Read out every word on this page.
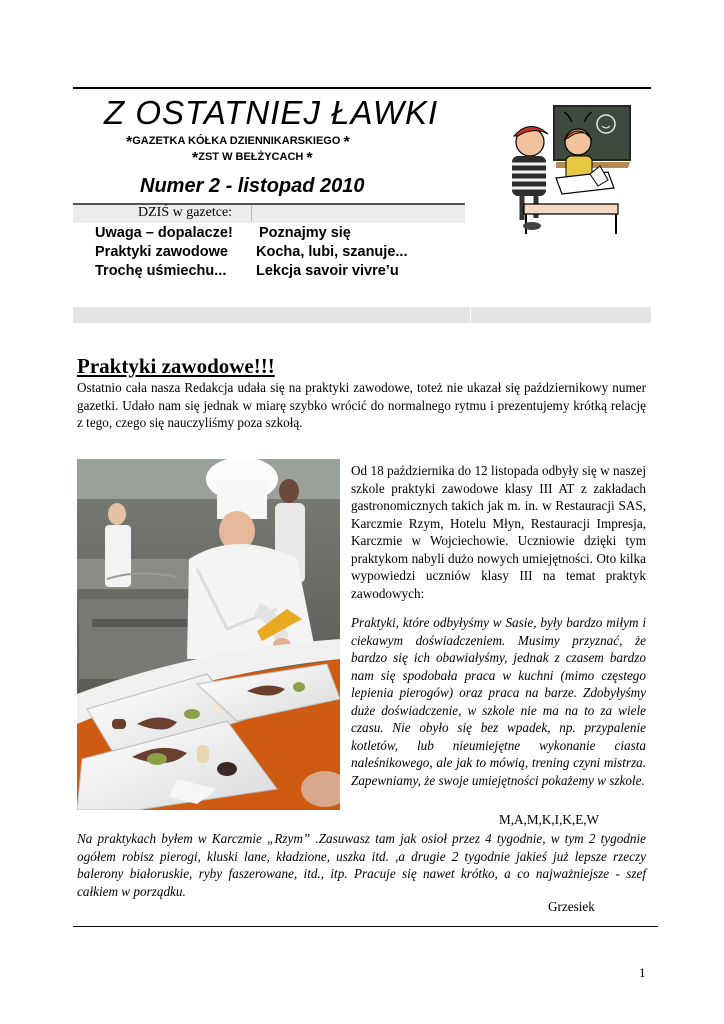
Z OSTATNIEJ ŁAWKI
*GAZETKA KÓŁKA DZIENNIKARSKIEGO *
*ZST W BEŁŻYCACH *
Numer 2 - listopad 2010
DZIŚ w gazetce:
Uwaga – dopalacze!
Praktyki zawodowe
Trochę uśmiechu...
Poznajmy się
Kocha, lubi, szanuje...
Lekcja savoir vivre’u
Praktyki zawodowe!!!

Ostatnio cała nasza Redakcja udała się na praktyki zawodowe, toteż nie ukazał się październikowy numer gazetki. Udało nam się jednak w miarę szybko wrócić do normalnego rytmu i prezentujemy krótką relację z tego, czego się nauczyliśmy poza szkołą.

Od 18 października do 12 listopada odbyły się w naszej szkole praktyki zawodowe klasy III AT z zakładach gastronomicznych takich jak m. in. w Restauracji SAS, Karczmie Rzym, Hotelu Młyn, Restauracji Impresja, Karczmie w Wojciechowie. Uczniowie dzięki tym praktykom nabyli dużo nowych umiejętności. Oto kilka wypowiedzi uczniów klasy III na temat praktyk zawodowych:

Praktyki, które odbyłyśmy w Sasie, były bardzo miłym i ciekawym doświadczeniem. Musimy przyznać, że bardzo się ich obawiałyśmy, jednak z czasem bardzo nam się spodobała praca w kuchni (mimo częstego lepienia pierogów) oraz praca na barze. Zdobyłyśmy duże doświadczenie, w szkole nie ma na to za wiele czasu. Nie obyło się bez wpadek, np. przypalenie kotletów, lub nieumiejętne wykonanie ciasta naleśnikowego, ale jak to mówią, trening czyni mistrza. Zapewniamy, że swoje umiejętności pokażemy w szkole.

M,A,M,K,I,K,E,W

Na praktykach byłem w Karczmie „Rzym” .Zasuwasz tam jak osioł przez 4 tygodnie, w tym 2 tygodnie ogółem robisz pierogi, kluski lane, kładzione, uszka itd. ,a drugie 2 tygodnie jakieś już lepsze rzeczy balerony białoruskie, ryby faszerowane, itd., itp. Pracuje się nawet krótko, a co najważniejsze - szef całkiem w porządku.

Grzesiek
1
